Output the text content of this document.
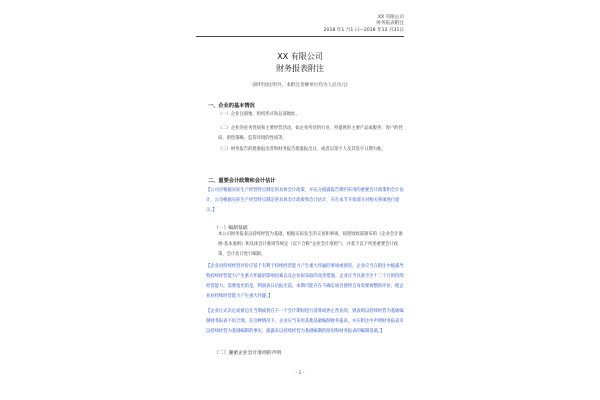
XX 有限公司
财务报表附注
2018 年1 月1 日—2018 年12 月31日
XX 有限公司
财务报表附注
(除特别注明外，本附注金额单位均为人民币元)
一、企业的基本情况
（一）企业注册地、组织形式和总部地址。
（二）企业的业务性质和主要经营活动，如企业所处的行业、所提供的主要产品或服务、客户的性质、销售策略、监管环境的性质等。
（三）财务报告的批准报出者和财务报告批准报出日，或者以签字人及其签字日期为准。
二、重要会计政策和会计估计
【公司应根据实际生产经营特点制定的具体会计政策，并充分披露报告期内采用的重要会计政策和会计估计。公司根据实际生产经营特点制定的具体会计政策和会计估计，应在本节开始部分对相关事项进行提示。】
（一）编制基础
本公司财务报表以持续经营为基础，根据实际发生的交易和事项，按照财政部颁布的《企业会计准则-基本准则》和具体会计准则等规定（以下合称“企业会计准则”），并基于以下所述重要会计政策、会计估计进行编制。
【企业对持续经营评价应基于有利于持续经营能力产生重大怀疑的事项或情况，企业应当在附注中披露导致持续经营能力产生重大怀疑的影响因素以及企业拟采取的改善措施。企业应当具备至少十二个月的持续经营能力。需要指出的是，利润表日后报出前，本期可能存在不确定项目使得自身需要调整的评价，使企业对持续经营能力产生重大怀疑。】
【企业正式决定或被迫在当期或将在下一个会计期间进行清算或停止营业的，则表明以持续经营为基础编制财务报表不再合理。在这种情况下，企业应当采用其他基础编制财务报表，并在附注中声明财务报表未以持续经营为基础编制的事实，披露未以持续经营为基础编制的原因和财务报表的编制基础。】
（二）遵循企业会计准则的声明
- 1 -
